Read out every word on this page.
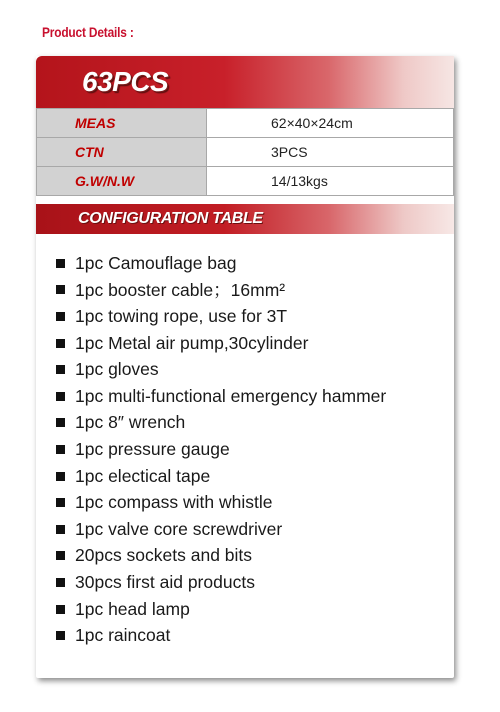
Product Details :
63PCS
MEAS	62×40×24cm
CTN	3PCS
G.W/N.W	14/13kgs
CONFIGURATION TABLE
1pc Camouflage bag
1pc booster cable；16mm²
1pc towing rope, use for 3T
1pc Metal air pump,30cylinder
1pc gloves
1pc multi-functional emergency hammer
1pc 8″ wrench
1pc pressure gauge
1pc electical tape
1pc compass with whistle
1pc valve core screwdriver
20pcs sockets and bits
30pcs first aid products
1pc head lamp
1pc raincoat
